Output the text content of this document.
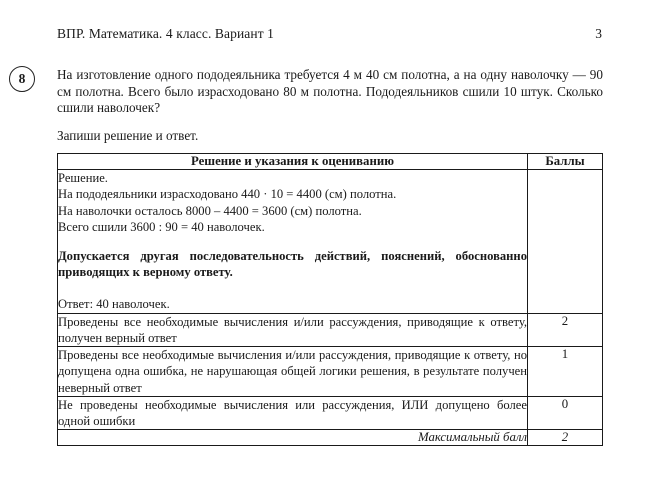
ВПР. Математика. 4 класс. Вариант 1	3
8	На изготовление одного пододеяльника требуется 4 м 40 см полотна, а на одну наволочку — 90 см полотна. Всего было израсходовано 80 м полотна. Пододеяльников сшили 10 штук. Сколько сшили наволочек?
Запиши решение и ответ.
Решение и указания к оцениванию	Баллы

Решение.
На пододеяльники израсходовано 440 · 10 = 4400 (см) полотна.
На наволочки осталось 8000 – 4400 = 3600 (см) полотна.
Всего сшили 3600 : 90 = 40 наволочек.
Допускается другая последовательность действий, пояснений, обоснованно приводящих к верному ответу.
Ответ: 40 наволочек.

Проведены все необходимые вычисления и/или рассуждения, приводящие к ответу, получен верный ответ	2
Проведены все необходимые вычисления и/или рассуждения, приводящие к ответу, но допущена одна ошибка, не нарушающая общей логики решения, в результате получен неверный ответ	1
Не проведены необходимые вычисления или рассуждения, ИЛИ допущено более одной ошибки	0
Максимальный балл	2
